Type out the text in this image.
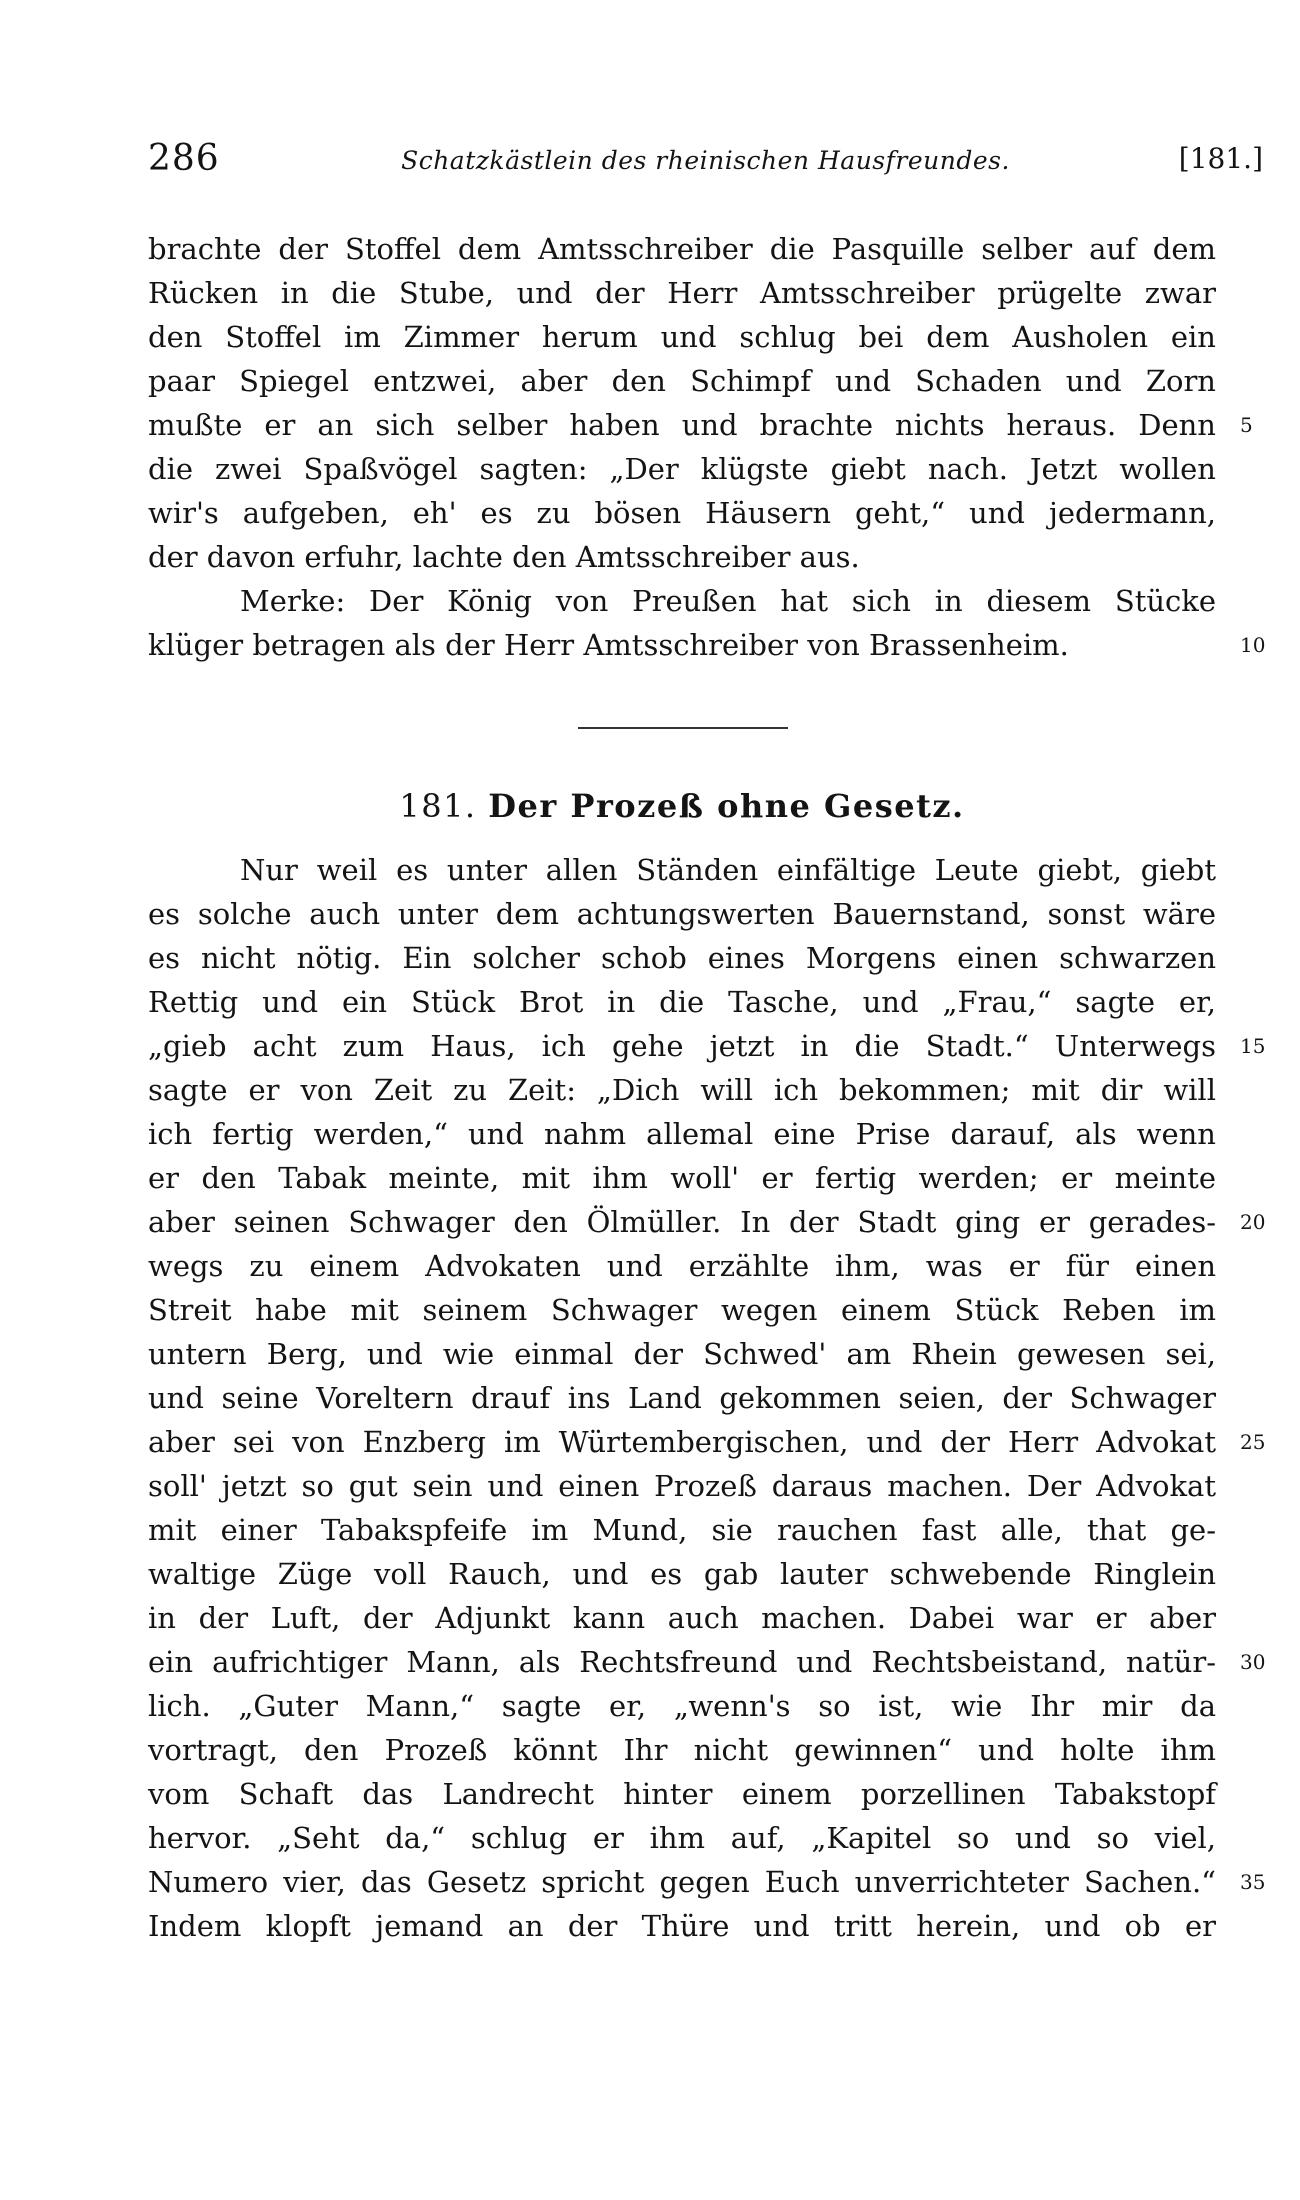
286	Schatzkästlein des rheinischen Hausfreundes.	[181.]
brachte der Stoffel dem Amtsschreiber die Pasquille selber auf dem
Rücken in die Stube, und der Herr Amtsschreiber prügelte zwar
den Stoffel im Zimmer herum und schlug bei dem Ausholen ein
paar Spiegel entzwei, aber den Schimpf und Schaden und Zorn
mußte er an sich selber haben und brachte nichts heraus. Denn
die zwei Spaßvögel sagten: „Der klügste giebt nach. Jetzt wollen
wir's aufgeben, eh' es zu bösen Häusern geht,“ und jedermann,
der davon erfuhr, lachte den Amtsschreiber aus.
Merke: Der König von Preußen hat sich in diesem Stücke
klüger betragen als der Herr Amtsschreiber von Brassenheim.
5
10
181. Der Prozeß ohne Gesetz.
Nur weil es unter allen Ständen einfältige Leute giebt, giebt
es solche auch unter dem achtungswerten Bauernstand, sonst wäre
es nicht nötig. Ein solcher schob eines Morgens einen schwarzen
Rettig und ein Stück Brot in die Tasche, und „Frau,“ sagte er,
„gieb acht zum Haus, ich gehe jetzt in die Stadt.“ Unterwegs
sagte er von Zeit zu Zeit: „Dich will ich bekommen; mit dir will
ich fertig werden,“ und nahm allemal eine Prise darauf, als wenn
er den Tabak meinte, mit ihm woll' er fertig werden; er meinte
aber seinen Schwager den Ölmüller. In der Stadt ging er gerades-
wegs zu einem Advokaten und erzählte ihm, was er für einen
Streit habe mit seinem Schwager wegen einem Stück Reben im
untern Berg, und wie einmal der Schwed' am Rhein gewesen sei,
und seine Voreltern drauf ins Land gekommen seien, der Schwager
aber sei von Enzberg im Würtembergischen, und der Herr Advokat
soll' jetzt so gut sein und einen Prozeß daraus machen. Der Advokat
mit einer Tabakspfeife im Mund, sie rauchen fast alle, that ge-
waltige Züge voll Rauch, und es gab lauter schwebende Ringlein
in der Luft, der Adjunkt kann auch machen. Dabei war er aber
ein aufrichtiger Mann, als Rechtsfreund und Rechtsbeistand, natür-
lich. „Guter Mann,“ sagte er, „wenn's so ist, wie Ihr mir da
vortragt, den Prozeß könnt Ihr nicht gewinnen“ und holte ihm
vom Schaft das Landrecht hinter einem porzellinen Tabakstopf
hervor. „Seht da,“ schlug er ihm auf, „Kapitel so und so viel,
Numero vier, das Gesetz spricht gegen Euch unverrichteter Sachen.“
Indem klopft jemand an der Thüre und tritt herein, und ob er
15
20
25
30
35
